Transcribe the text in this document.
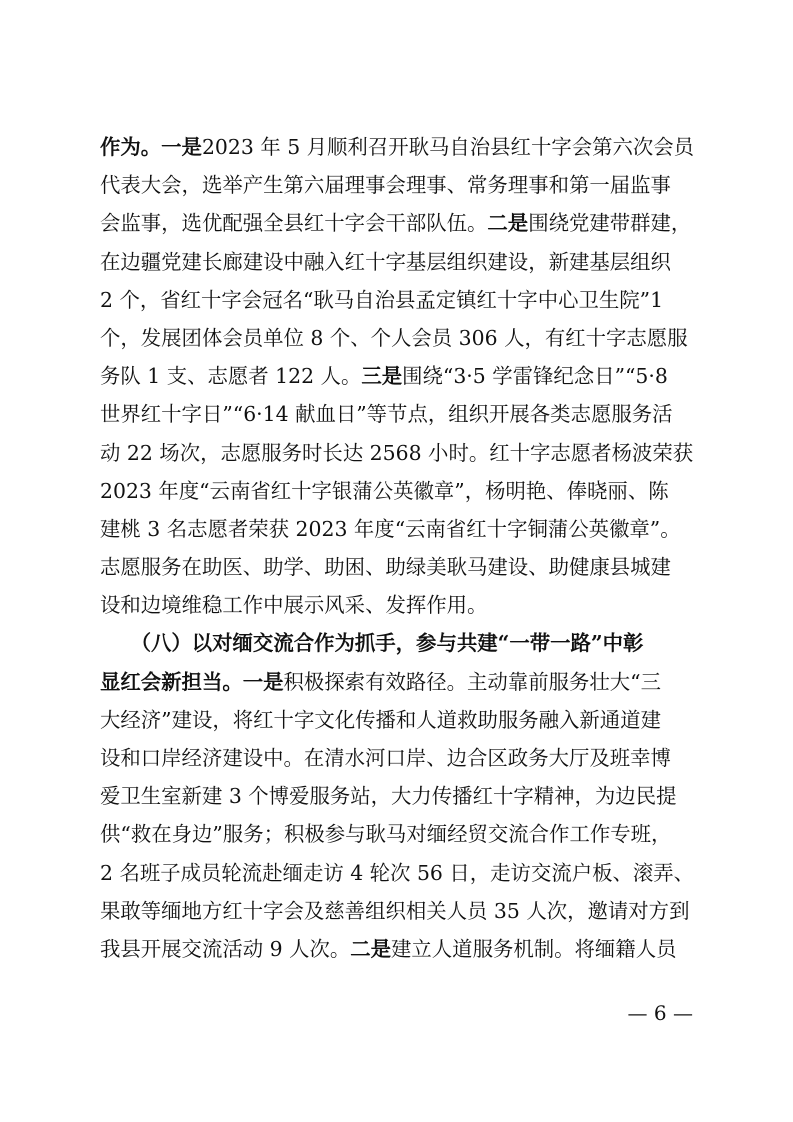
作为。一是2023 年 5 月顺利召开耿马自治县红十字会第六次会员
代表大会，选举产生第六届理事会理事、常务理事和第一届监事
会监事，选优配强全县红十字会干部队伍。二是围绕党建带群建，
在边疆党建长廊建设中融入红十字基层组织建设，新建基层组织
2 个，省红十字会冠名“耿马自治县孟定镇红十字中心卫生院”1
个，发展团体会员单位 8 个、个人会员 306 人，有红十字志愿服
务队 1 支、志愿者 122 人。三是围绕“3·5 学雷锋纪念日”“5·8
世界红十字日”“6·14 献血日”等节点，组织开展各类志愿服务活
动 22 场次，志愿服务时长达 2568 小时。红十字志愿者杨波荣获
2023 年度“云南省红十字银蒲公英徽章”，杨明艳、俸晓丽、陈
建桃 3 名志愿者荣获 2023 年度“云南省红十字铜蒲公英徽章”。
志愿服务在助医、助学、助困、助绿美耿马建设、助健康县城建
设和边境维稳工作中展示风采、发挥作用。
　　（八）以对缅交流合作为抓手，参与共建“一带一路”中彰
显红会新担当。一是积极探索有效路径。主动靠前服务壮大“三
大经济”建设，将红十字文化传播和人道救助服务融入新通道建
设和口岸经济建设中。在清水河口岸、边合区政务大厅及班幸博
爱卫生室新建 3 个博爱服务站，大力传播红十字精神，为边民提
供“救在身边”服务；积极参与耿马对缅经贸交流合作工作专班，
2 名班子成员轮流赴缅走访 4 轮次 56 日，走访交流户板、滚弄、
果敢等缅地方红十字会及慈善组织相关人员 35 人次，邀请对方到
我县开展交流活动 9 人次。二是建立人道服务机制。将缅籍人员
— 6 —
